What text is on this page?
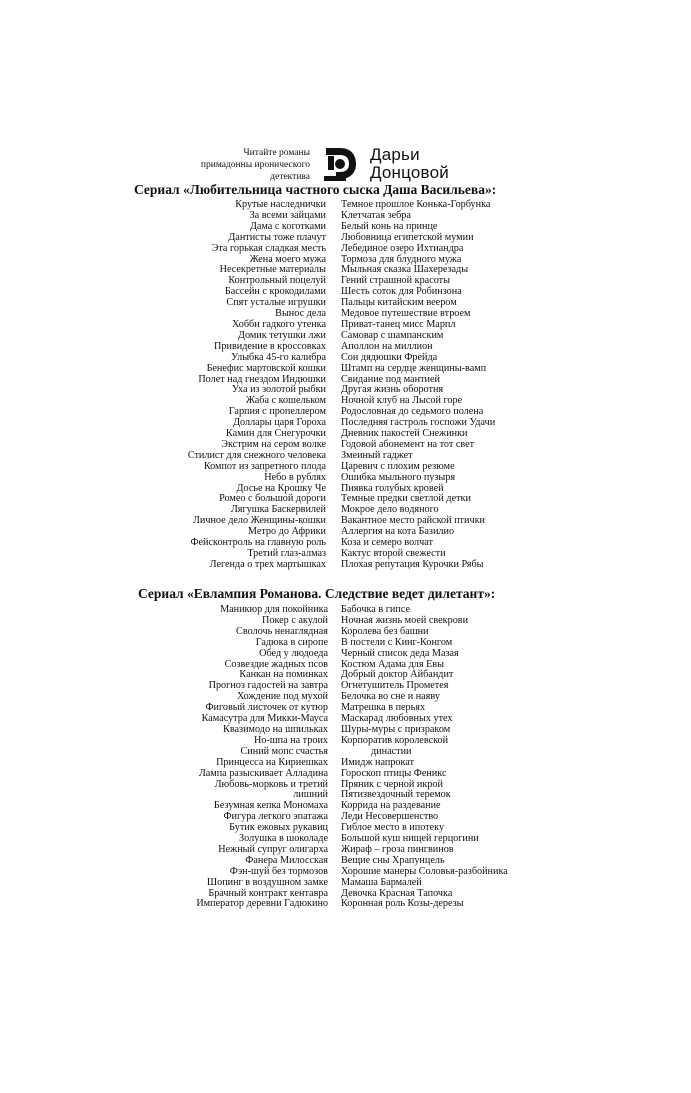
Читайте романы
примадонны иронического
детектива
Дарьи
Донцовой
Сериал «Любительница частного сыска Даша Васильева»:
Крутые наследнички
За всеми зайцами
Дама с коготками
Дантисты тоже плачут
Эта горькая сладкая месть
Жена моего мужа
Несекретные материалы
Контрольный поцелуй
Бассейн с крокодилами
Спят усталые игрушки
Вынос дела
Хобби гадкого утенка
Домик тетушки лжи
Привидение в кроссовках
Улыбка 45-го калибра
Бенефис мартовской кошки
Полет над гнездом Индюшки
Уха из золотой рыбки
Жаба с кошельком
Гарпия с пропеллером
Доллары царя Гороха
Камин для Снегурочки
Экстрим на сером волке
Стилист для снежного человека
Компот из запретного плода
Небо в рублях
Досье на Крошку Че
Ромео с большой дороги
Лягушка Баскервилей
Личное дело Женщины-кошки
Метро до Африки
Фейсконтроль на главную роль
Третий глаз-алмаз
Легенда о трех мартышках
Темное прошлое Конька-Горбунка
Клетчатая зебра
Белый конь на принце
Любовница египетской мумии
Лебединое озеро Ихтиандра
Тормоза для блудного мужа
Мыльная сказка Шахерезады
Гений страшной красоты
Шесть соток для Робинзона
Пальцы китайским веером
Медовое путешествие втроем
Приват-танец мисс Марпл
Самовар с шампанским
Аполлон на миллион
Сон дядюшки Фрейда
Штамп на сердце женщины-вамп
Свидание под мантией
Другая жизнь оборотня
Ночной клуб на Лысой горе
Родословная до седьмого полена
Последняя гастроль госпожи Удачи
Дневник пакостей Снежинки
Годовой абонемент на тот свет
Змеиный гаджет
Царевич с плохим резюме
Ошибка мыльного пузыря
Пиявка голубых кровей
Темные предки светлой детки
Мокрое дело водяного
Вакантное место райской птички
Аллергия на кота Базилио
Коза и семеро волчат
Кактус второй свежести
Плохая репутация Курочки Рябы
Сериал «Евлампия Романова. Следствие ведет дилетант»:
Маникюр для покойника
Покер с акулой
Сволочь ненаглядная
Гадюка в сиропе
Обед у людоеда
Созвездие жадных псов
Канкан на поминках
Прогноз гадостей на завтра
Хождение под мухой
Фиговый листочек от кутюр
Камасутра для Микки-Мауса
Квазимодо на шпильках
Но-шпа на троих
Синий мопс счастья
Принцесса на Кириешках
Лампа разыскивает Алладина
Любовь-морковь и третий
лишний
Безумная кепка Мономаха
Фигура легкого эпатажа
Бутик ежовых рукавиц
Золушка в шоколаде
Нежный супруг олигарха
Фанера Милосская
Фэн-шуй без тормозов
Шопинг в воздушном замке
Брачный контракт кентавра
Император деревни Гадюкино
Бабочка в гипсе
Ночная жизнь моей свекрови
Королева без башни
В постели с Кинг-Конгом
Черный список деда Мазая
Костюм Адама для Евы
Добрый доктор Айбандит
Огнетушитель Прометея
Белочка во сне и наяву
Матрешка в перьях
Маскарад любовных утех
Шуры-муры с призраком
Корпоратив королевской
династии
Имидж напрокат
Гороскоп птицы Феникс
Пряник с черной икрой
Пятизвездочный теремок
Коррида на раздевание
Леди Несовершенство
Гиблое место в ипотеку
Большой куш нищей герцогини
Жираф – гроза пингвинов
Вещие сны Храпунцель
Хорошие манеры Соловья-разбойника
Мамаша Бармалей
Девочка Красная Тапочка
Коронная роль Козы-дерезы
